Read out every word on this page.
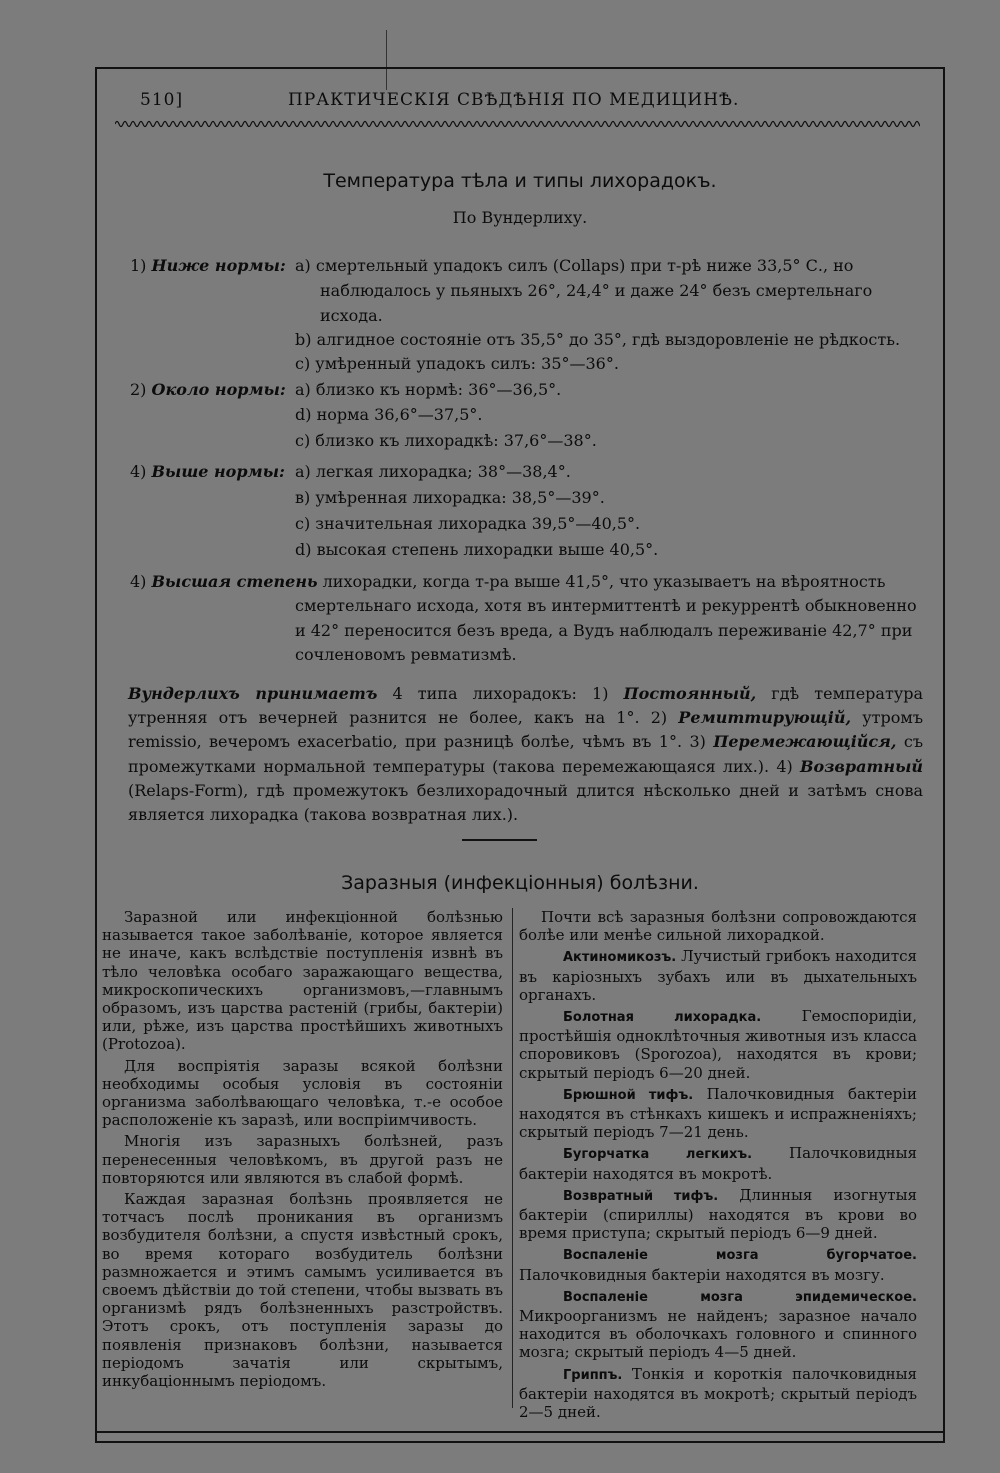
510]	ПРАКТИЧЕСКІЯ СВѢДѢНІЯ ПО МЕДИЦИНѢ.
Температура тѣла и типы лихорадокъ.
По Вундерлиху.
1) Ниже нормы: a) смертельный упадокъ силъ (Collaps) при т-рѣ ниже 33,5° С., но
наблюдалось у пьяныхъ 26°, 24,4° и даже 24° безъ смертельнаго
исхода.
b) алгидное состояніе отъ 35,5° до 35°, гдѣ выздоровленіе не рѣдкость.
c) умѣренный упадокъ силъ: 35°—36°.
2) Около нормы: a) близко къ нормѣ: 36°—36,5°.
d) норма 36,6°—37,5°.
c) близко къ лихорадкѣ: 37,6°—38°.
4) Выше нормы: a) легкая лихорадка; 38°—38,4°.
в) умѣренная лихорадка: 38,5°—39°.
c) значительная лихорадка 39,5°—40,5°.
d) высокая степень лихорадки выше 40,5°.
4) Высшая степень лихорадки, когда т-ра выше 41,5°, что указываетъ на вѣроятность
смертельнаго исхода, хотя въ интермиттентѣ и рекуррентѣ обыкновенно
и 42° переносится безъ вреда, а Вудъ наблюдалъ переживаніе 42,7° при
сочленовомъ ревматизмѣ.

Вундерлихъ принимаетъ 4 типа лихорадокъ: 1) Постоянный, гдѣ температура утренняя отъ вечерней разнится не более, какъ на 1°. 2) Ремиттирующій, утромъ remissio, вечеромъ exacerbatio, при разницѣ болѣе, чѣмъ въ 1°. 3) Перемежающійся, съ промежутками нормальной температуры (такова перемежающаяся лих.). 4) Возвратный (Relaps-Form), гдѣ промежутокъ безлихорадочный длится нѣсколько дней и затѣмъ снова является лихорадка (такова возвратная лих.).

Заразныя (инфекціонныя) болѣзни.

Заразной или инфекціонной болѣзнью называется такое заболѣваніе, которое является не иначе, какъ вслѣдствіе поступленія извнѣ въ тѣло человѣка особаго заражающаго вещества, микроскопическихъ организмовъ,—главнымъ образомъ, изъ царства растеній (грибы, бактеріи) или, рѣже, изъ царства простѣйшихъ животныхъ (Protozoa).

Для воспріятія заразы всякой болѣзни необходимы особыя условія въ состояніи организма заболѣвающаго человѣка, т.-е особое расположеніе къ заразѣ, или воспріимчивость.

Многія изъ заразныхъ болѣзней, разъ перенесенныя человѣкомъ, въ другой разъ не повторяются или являются въ слабой формѣ.

Каждая заразная болѣзнь проявляется не тотчасъ послѣ проникания въ организмъ возбудителя болѣзни, а спустя извѣстный срокъ, во время котораго возбудитель болѣзни размножается и этимъ самымъ усиливается въ своемъ дѣйствіи до той степени, чтобы вызвать въ организмѣ рядъ болѣзненныхъ разстройствъ. Этотъ срокъ, отъ поступленія заразы до появленія признаковъ болѣзни, называется періодомъ зачатія или скрытымъ, инкубаціоннымъ періодомъ.

Почти всѣ заразныя болѣзни сопровождаются болѣе или менѣе сильной лихорадкой.

Актиномикозъ. Лучистый грибокъ находится въ каріозныхъ зубахъ или въ дыхательныхъ органахъ.

Болотная лихорадка. Гемоспоридіи, простѣйшія одноклѣточныя животныя изъ класса споровиковъ (Sporozoa), находятся въ крови; скрытый періодъ 6—20 дней.

Брюшной тифъ. Палочковидныя бактеріи находятся въ стѣнкахъ кишекъ и испражненіяхъ; скрытый періодъ 7—21 день.

Бугорчатка легкихъ. Палочковидныя бактеріи находятся въ мокротѣ.

Возвратный тифъ. Длинныя изогнутыя бактеріи (спириллы) находятся въ крови во время приступа; скрытый періодъ 6—9 дней.

Воспаленіе мозга бугорчатое. Палочковидныя бактеріи находятся въ мозгу.

Воспаленіе мозга эпидемическое. Микроорганизмъ не найденъ; заразное начало находится въ оболочкахъ головного и спинного мозга; скрытый періодъ 4—5 дней.

Гриппъ. Тонкія и короткія палочковидныя бактеріи находятся въ мокротѣ; скрытый періодъ 2—5 дней.
